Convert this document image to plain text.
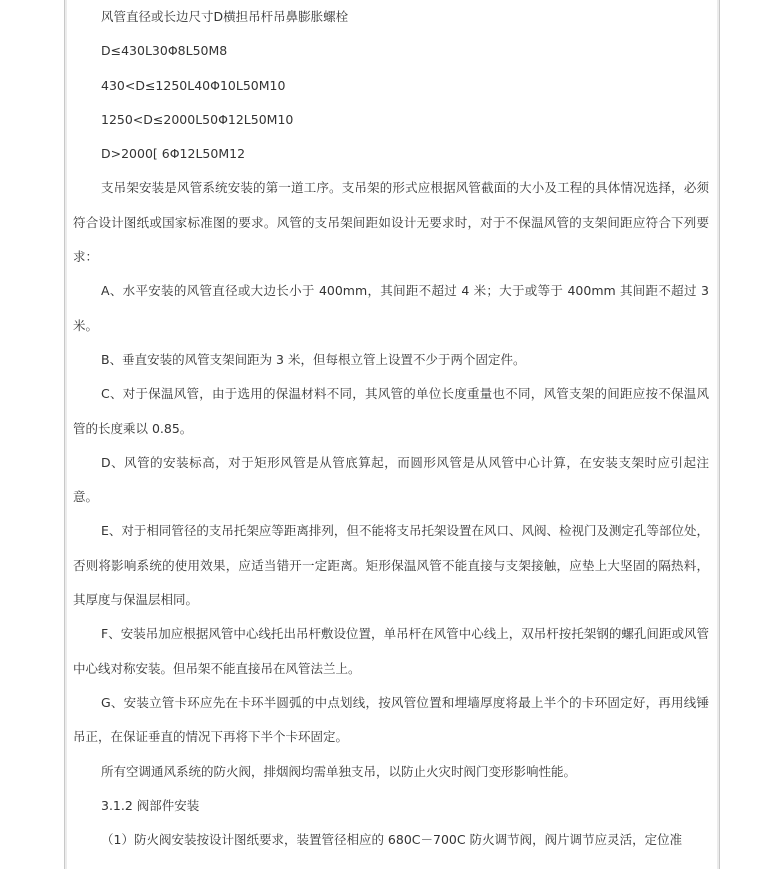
风管直径或长边尺寸D横担吊杆吊鼻膨胀螺栓

D≤430L30Φ8L50M8

430<D≤1250L40Φ10L50M10

1250<D≤2000L50Φ12L50M10

D>2000[ 6Φ12L50M12

支吊架安装是风管系统安装的第一道工序。支吊架的形式应根据风管截面的大小及工程的具体情况选择，必须符合设计图纸或国家标准图的要求。风管的支吊架间距如设计无要求时，对于不保温风管的支架间距应符合下列要求：

A、水平安装的风管直径或大边长小于 400mm，其间距不超过 4 米；大于或等于 400mm 其间距不超过 3 米。

B、垂直安装的风管支架间距为 3 米，但每根立管上设置不少于两个固定件。

C、对于保温风管，由于选用的保温材料不同，其风管的单位长度重量也不同，风管支架的间距应按不保温风管的长度乘以 0.85。

D、风管的安装标高，对于矩形风管是从管底算起，而圆形风管是从风管中心计算，在安装支架时应引起注意。

E、对于相同管径的支吊托架应等距离排列，但不能将支吊托架设置在风口、风阀、检视门及测定孔等部位处，否则将影响系统的使用效果，应适当错开一定距离。矩形保温风管不能直接与支架接触，应垫上大坚固的隔热料，其厚度与保温层相同。

F、安装吊加应根据风管中心线托出吊杆敷设位置，单吊杆在风管中心线上，双吊杆按托架钢的螺孔间距或风管中心线对称安装。但吊架不能直接吊在风管法兰上。

G、安装立管卡环应先在卡环半圆弧的中点划线，按风管位置和埋墙厚度将最上半个的卡环固定好，再用线锤吊正，在保证垂直的情况下再将下半个卡环固定。

所有空调通风系统的防火阀，排烟阀均需单独支吊，以防止火灾时阀门变形影响性能。

3.1.2 阀部件安装

（1）防火阀安装按设计图纸要求，装置管径相应的 680C－700C 防火调节阀，阀片调节应灵活，定位准
